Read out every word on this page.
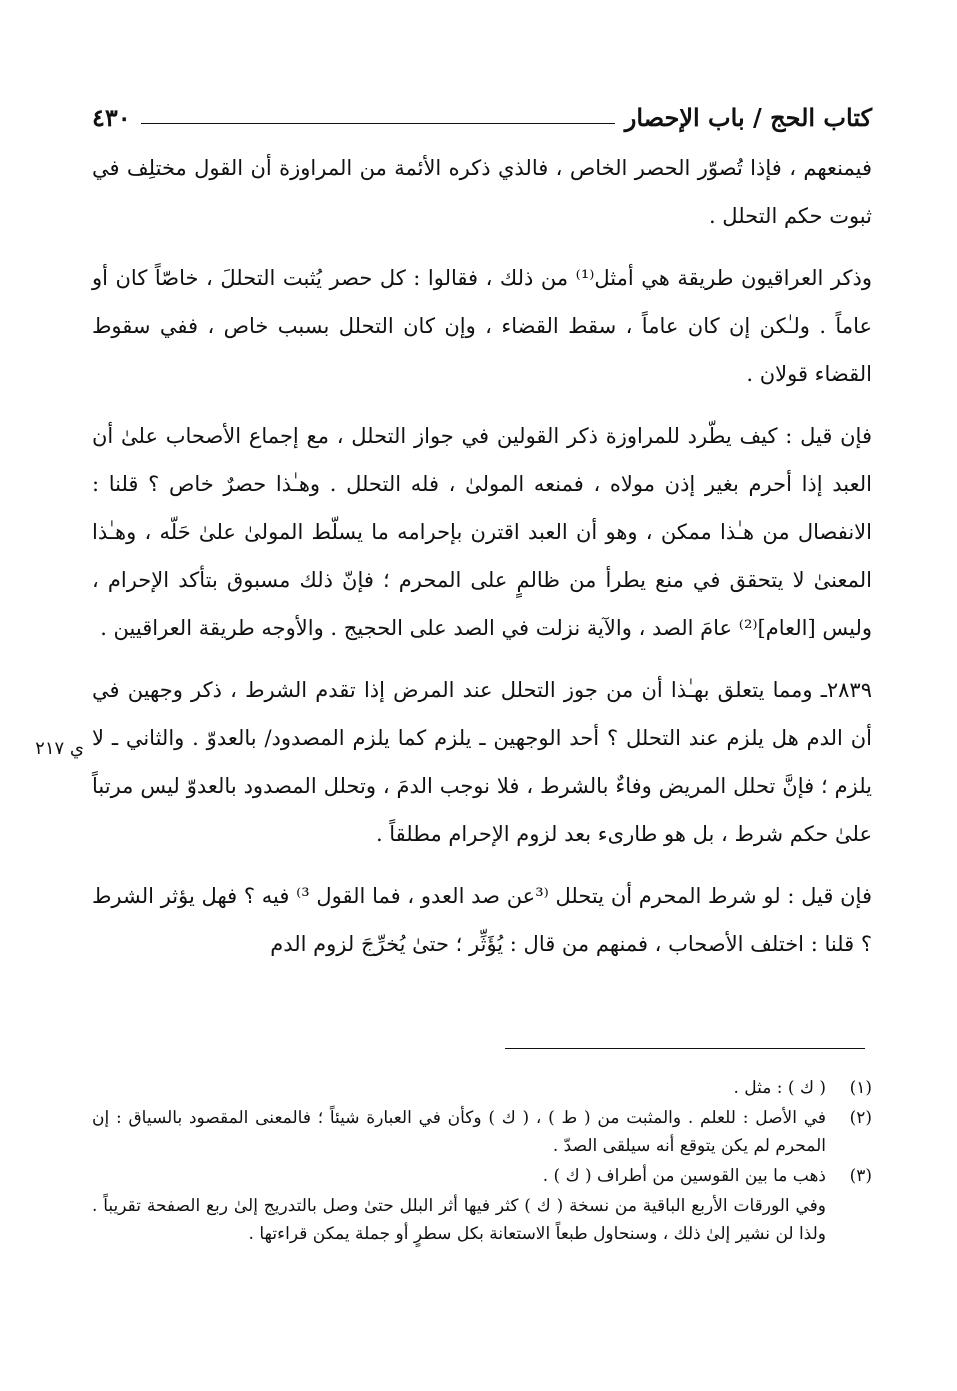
كتاب الحج / باب الإحصار
٤٣٠

فيمنعهم ، فإذا تُصوّر الحصر الخاص ، فالذي ذكره الأئمة من المراوزة أن القول مختلِف في ثبوت حكم التحلل .

وذكر العراقيون طريقة هي أمثل⁽¹⁾ من ذلك ، فقالوا : كل حصر يُثبت التحللَ ، خاصّاً كان أو عاماً . ولـٰكن إن كان عاماً ، سقط القضاء ، وإن كان التحلل بسبب خاص ، ففي سقوط القضاء قولان .

فإن قيل : كيف يطّرد للمراوزة ذكر القولين في جواز التحلل ، مع إجماع الأصحاب علىٰ أن العبد إذا أحرم بغير إذن مولاه ، فمنعه المولىٰ ، فله التحلل . وهـٰذا حصرٌ خاص ؟ قلنا : الانفصال من هـٰذا ممكن ، وهو أن العبد اقترن بإحرامه ما يسلّط المولىٰ علىٰ حَلّه ، وهـٰذا المعنىٰ لا يتحقق في منع يطرأ من ظالمٍ على المحرم ؛ فإنّ ذلك مسبوق بتأكد الإحرام ، وليس [العام]⁽²⁾ عامَ الصد ، والآية نزلت في الصد على الحجيج . والأوجه طريقة العراقيين .

٢٨٣٩ـ ومما يتعلق بهـٰذا أن من جوز التحلل عند المرض إذا تقدم الشرط ، ذكر وجهين في أن الدم هل يلزم عند التحلل ؟ أحد الوجهين ـ يلزم كما يلزم المصدود/ بالعدوّ . والثاني ـ لا يلزم ؛ فإنَّ تحلل المريض وفاءٌ بالشرط ، فلا نوجب الدمَ ، وتحلل المصدود بالعدوّ ليس مرتباً علىٰ حكم شرط ، بل هو طارىء بعد لزوم الإحرام مطلقاً .

فإن قيل : لو شرط المحرم أن يتحلل ⁽³عن صد العدو ، فما القول ³⁾ فيه ؟ فهل يؤثر الشرط ؟ قلنا : اختلف الأصحاب ، فمنهم من قال : يُؤَثِّر ؛ حتىٰ يُخرِّجَ لزوم الدم

ي ٢١٧
(١)
( ك ) : مثل .
(٢)
في الأصل : للعلم . والمثبت من ( ط ) ، ( ك ) وكأن في العبارة شيئاً ؛ فالمعنى المقصود بالسياق : إن المحرم لم يكن يتوقع أنه سيلقى الصدّ .
(٣)
ذهب ما بين القوسين من أطراف ( ك ) .
وفي الورقات الأربع الباقية من نسخة ( ك ) كثر فيها أثر البلل حتىٰ وصل بالتدريج إلىٰ ربع الصفحة تقريباً . ولذا لن نشير إلىٰ ذلك ، وسنحاول طبعاً الاستعانة بكل سطرٍ أو جملة يمكن قراءتها .
